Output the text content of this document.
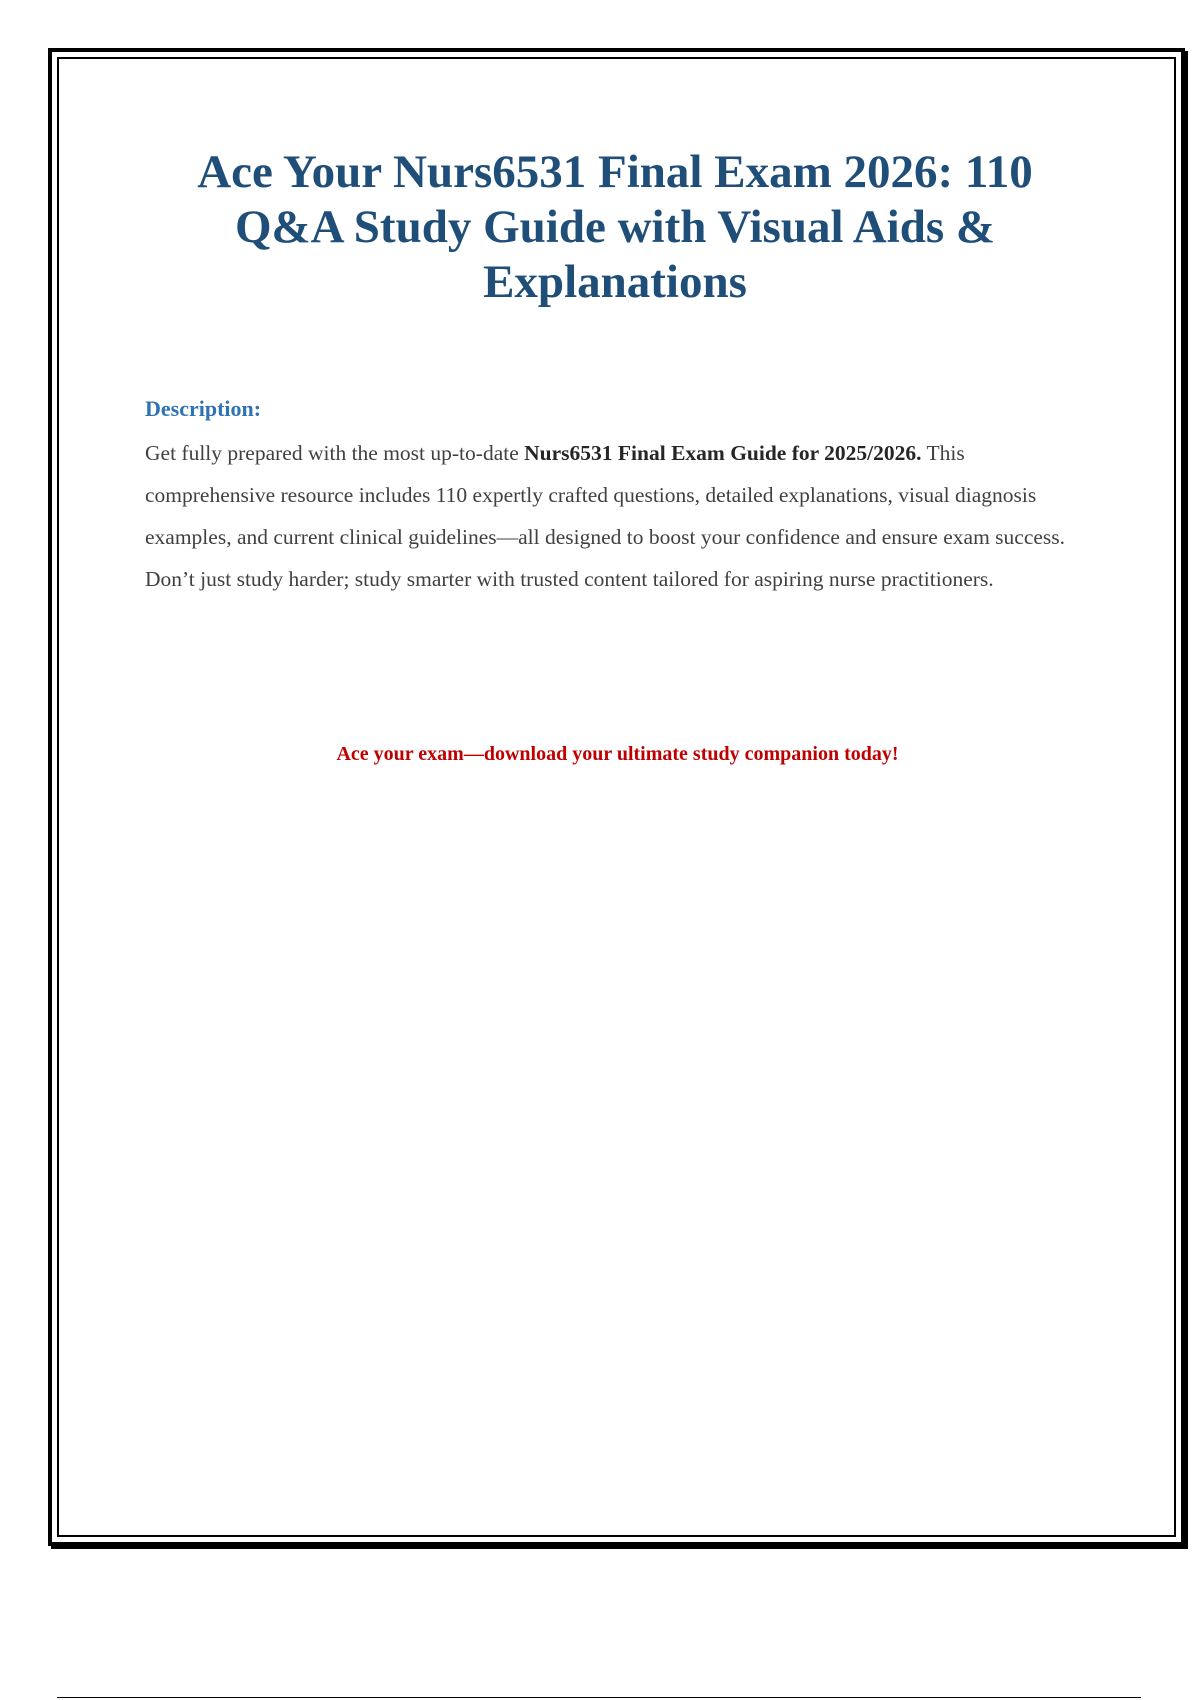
Ace Your Nurs6531 Final Exam 2026: 110 Q&A Study Guide with Visual Aids & Explanations

Description:

Get fully prepared with the most up-to-date Nurs6531 Final Exam Guide for 2025/2026. This comprehensive resource includes 110 expertly crafted questions, detailed explanations, visual diagnosis examples, and current clinical guidelines—all designed to boost your confidence and ensure exam success. Don’t just study harder; study smarter with trusted content tailored for aspiring nurse practitioners.

Ace your exam—download your ultimate study companion today!
